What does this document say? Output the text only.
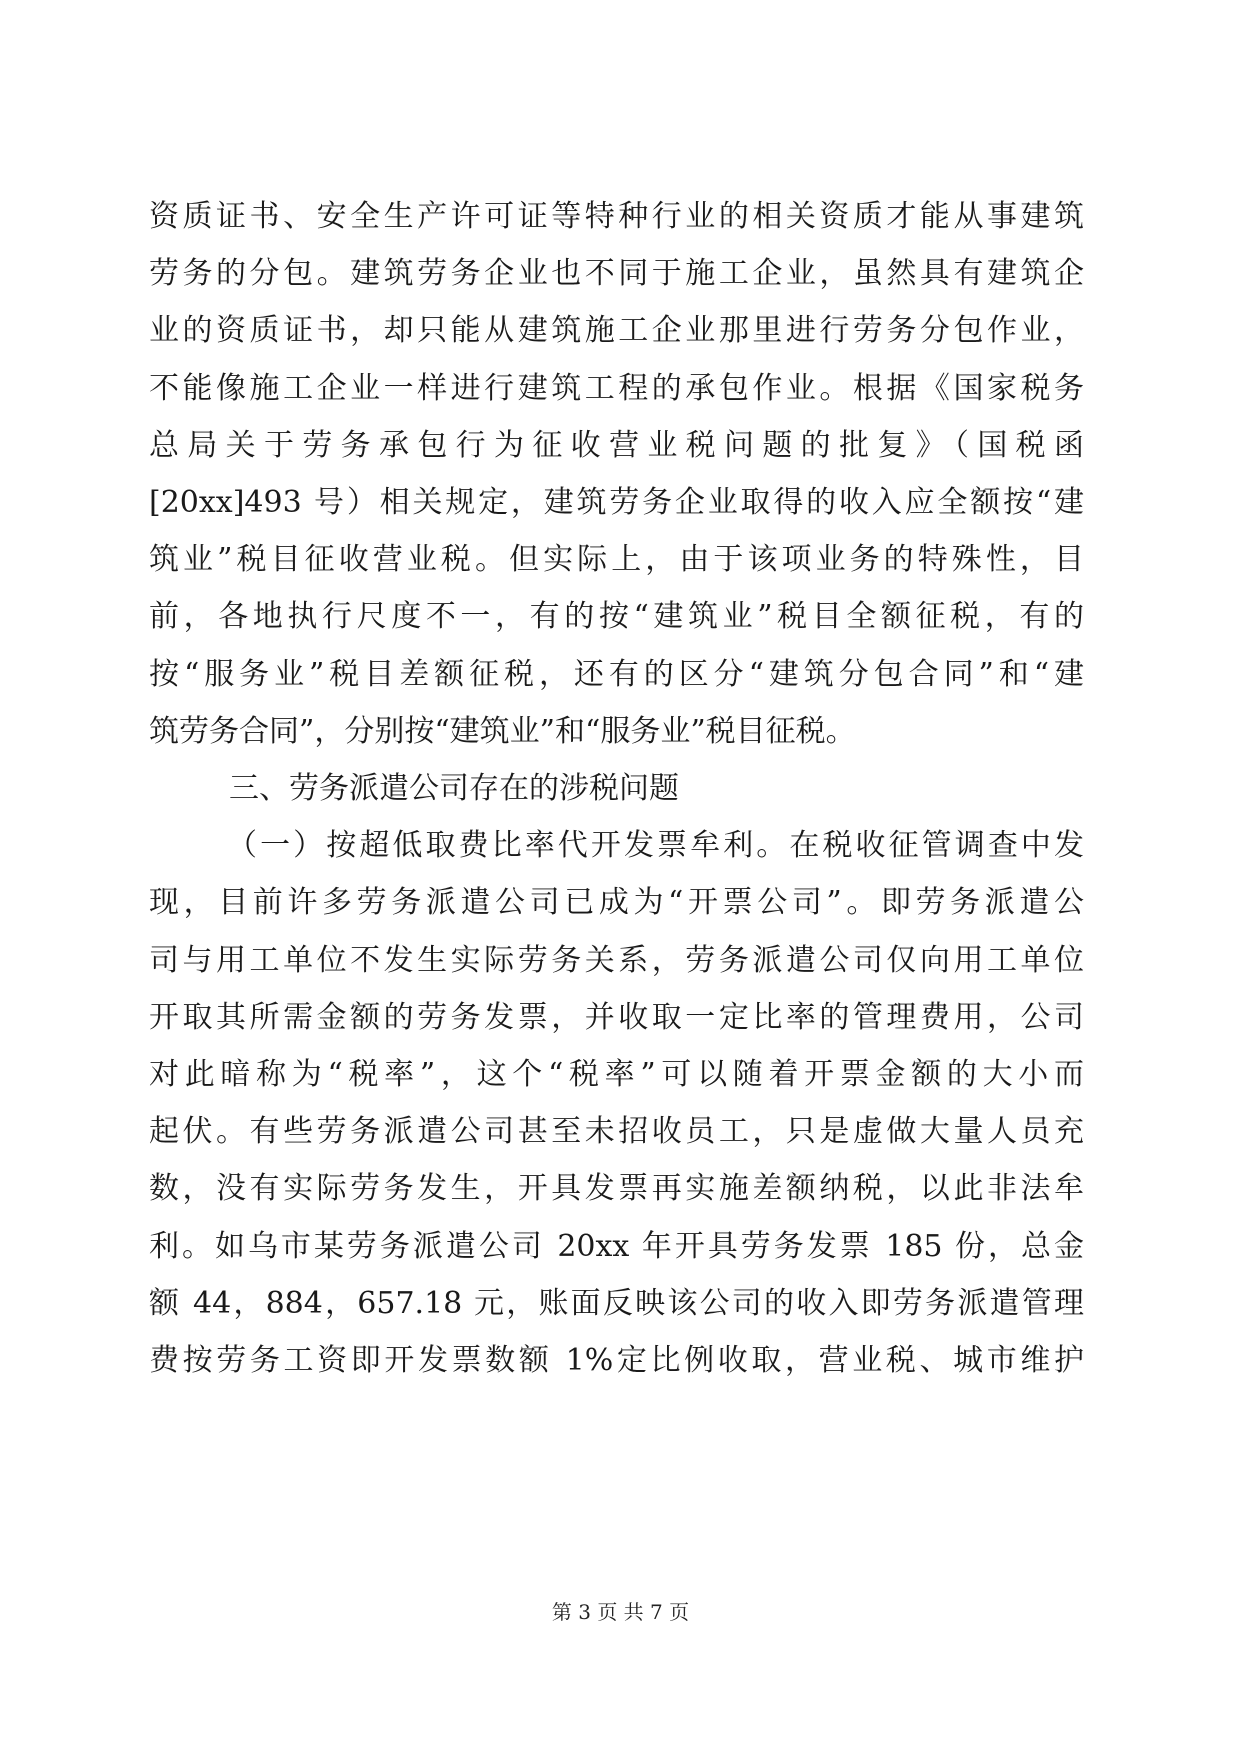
资质证书、安全生产许可证等特种行业的相关资质才能从事建筑
劳务的分包。建筑劳务企业也不同于施工企业，虽然具有建筑企
业的资质证书，却只能从建筑施工企业那里进行劳务分包作业，
不能像施工企业一样进行建筑工程的承包作业。根据《国家税务
总局关于劳务承包行为征收营业税问题的批复》（国税函
[20xx]493 号）相关规定，建筑劳务企业取得的收入应全额按“建
筑业”税目征收营业税。但实际上，由于该项业务的特殊性，目
前，各地执行尺度不一，有的按“建筑业”税目全额征税，有的
按“服务业”税目差额征税，还有的区分“建筑分包合同”和“建
筑劳务合同”，分别按“建筑业”和“服务业”税目征税。
三、劳务派遣公司存在的涉税问题
（一）按超低取费比率代开发票牟利。在税收征管调查中发
现，目前许多劳务派遣公司已成为“开票公司”。即劳务派遣公
司与用工单位不发生实际劳务关系，劳务派遣公司仅向用工单位
开取其所需金额的劳务发票，并收取一定比率的管理费用，公司
对此暗称为“税率”，这个“税率”可以随着开票金额的大小而
起伏。有些劳务派遣公司甚至未招收员工，只是虚做大量人员充
数，没有实际劳务发生，开具发票再实施差额纳税，以此非法牟
利。如乌市某劳务派遣公司 20xx 年开具劳务发票 185 份，总金
额 44，884，657.18 元，账面反映该公司的收入即劳务派遣管理
费按劳务工资即开发票数额 1%定比例收取，营业税、城市维护
第 3 页 共 7 页
